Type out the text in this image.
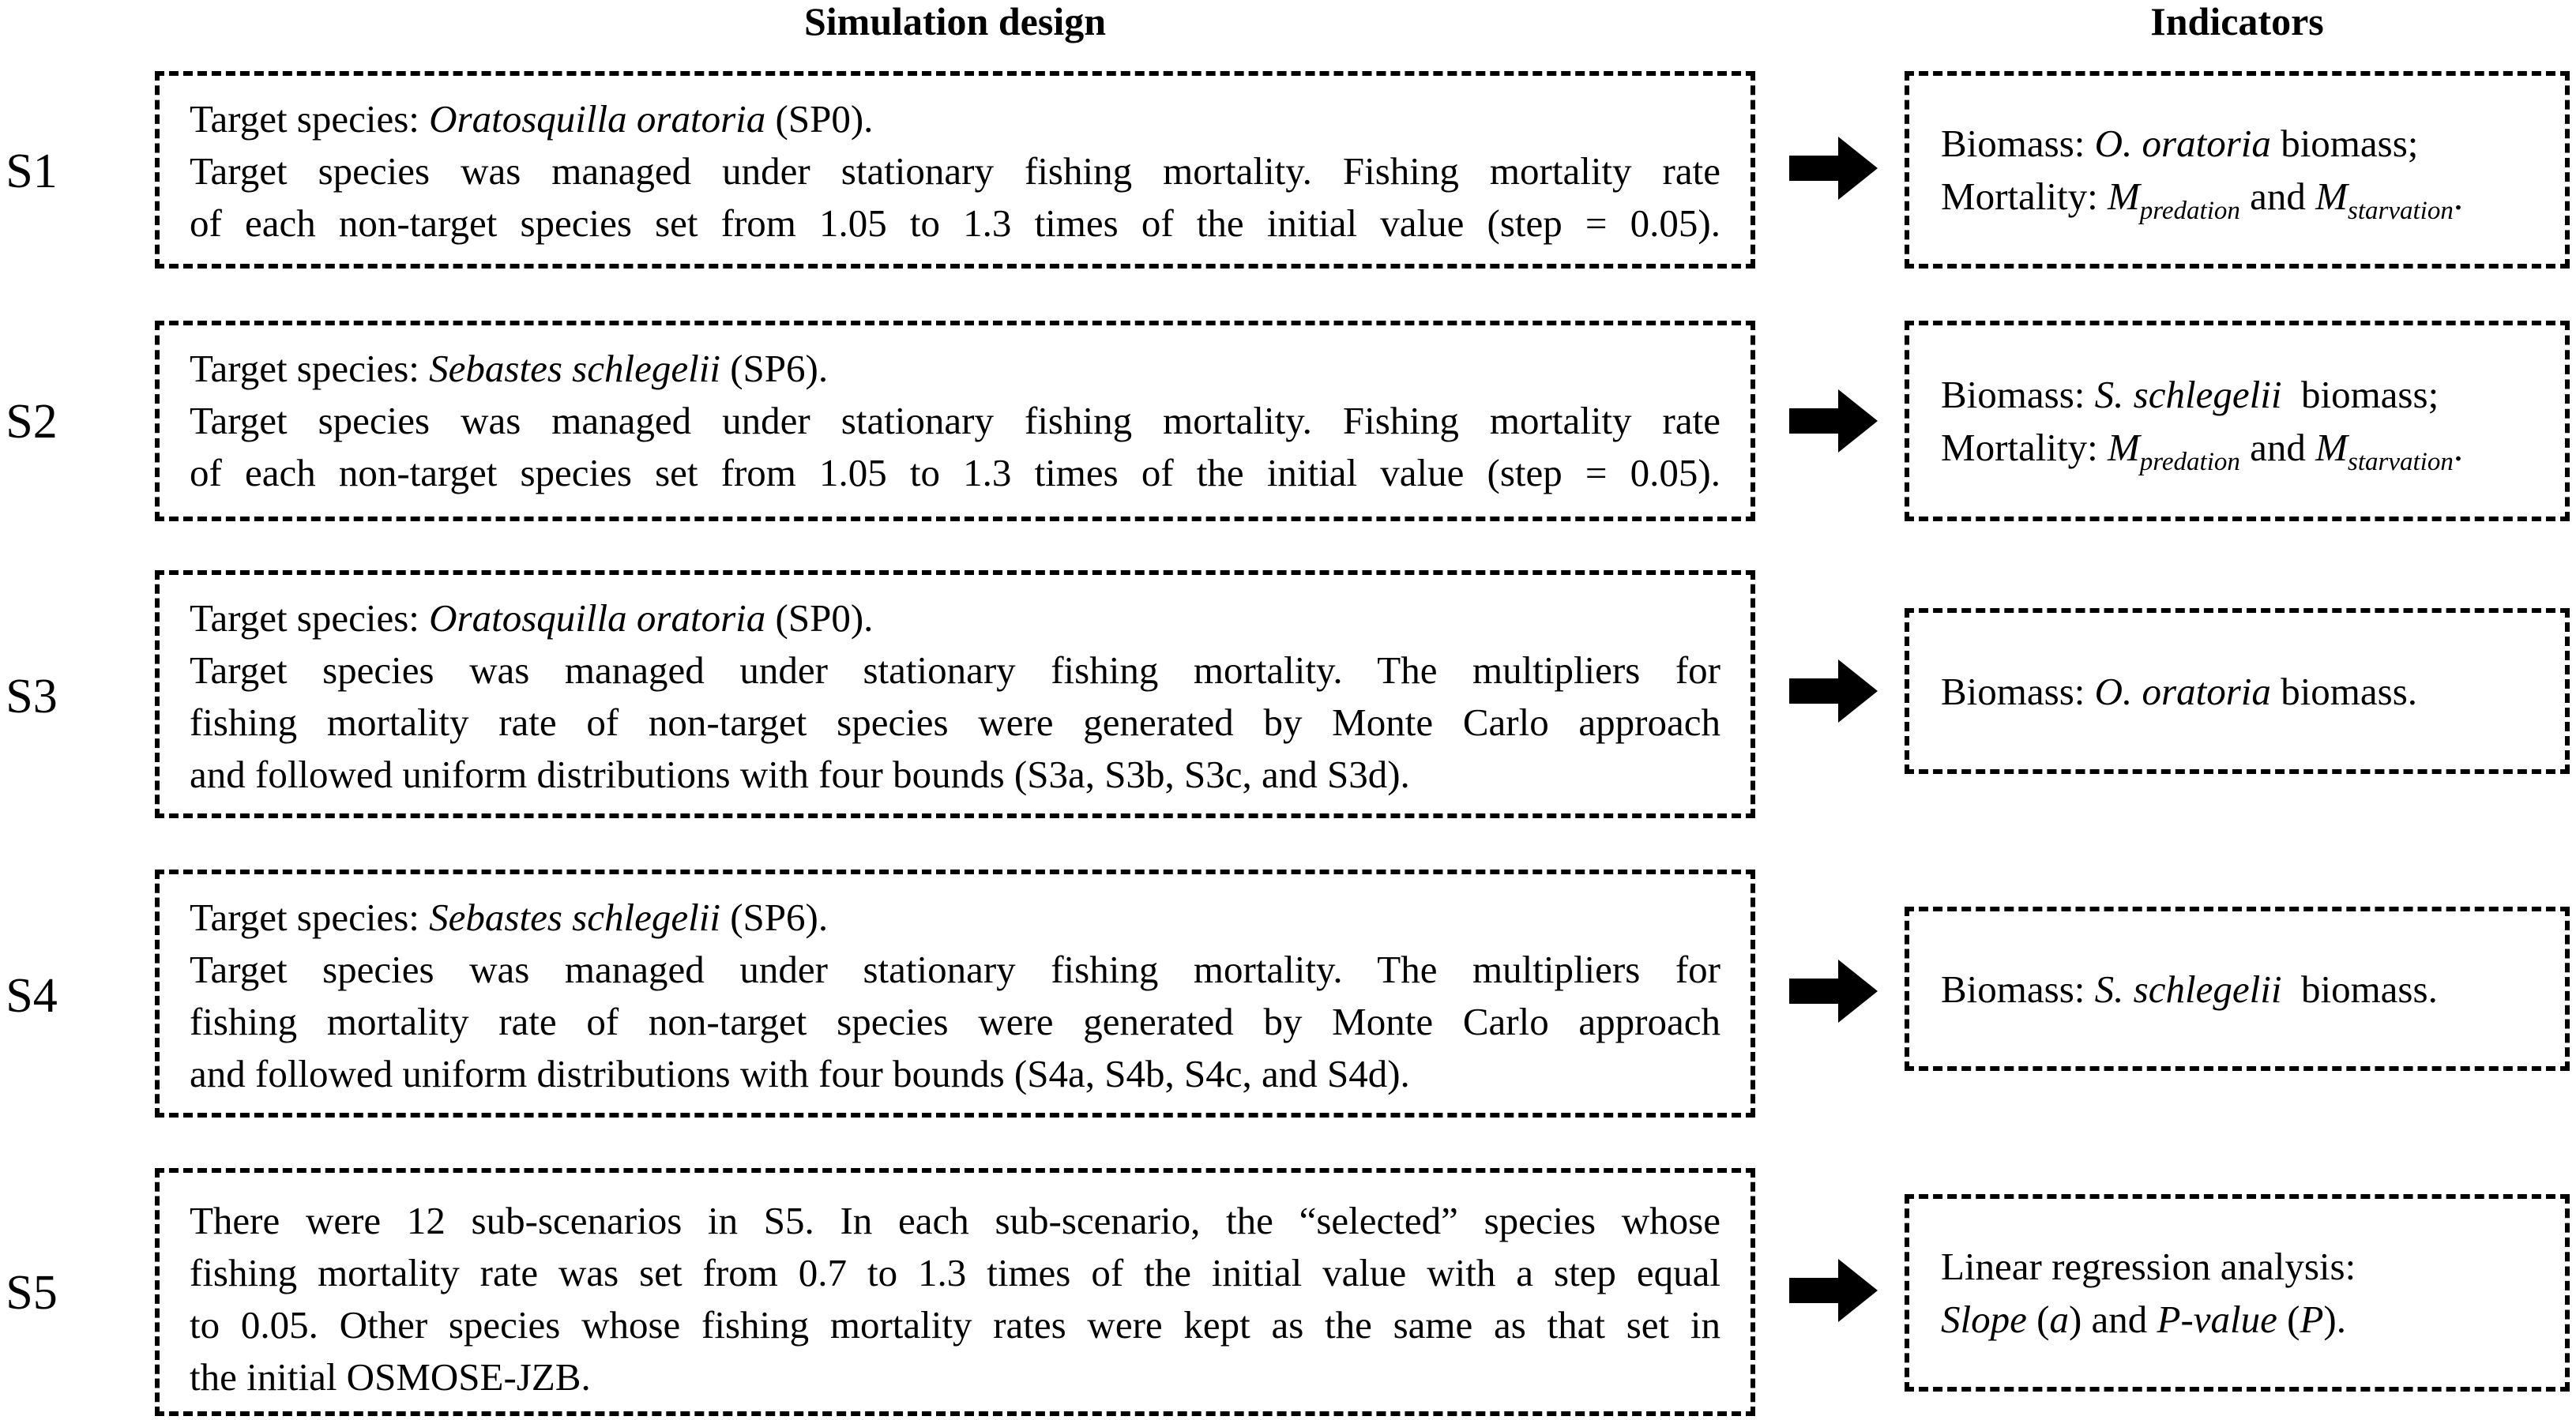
Simulation design	Indicators
S1
Target species: Oratosquilla oratoria (SP0).
Target species was managed under stationary fishing mortality. Fishing mortality rate
of each non-target species set from 1.05 to 1.3 times of the initial value (step = 0.05).
Biomass: O. oratoria biomass;
Mortality: $M_{predation}$ and $M_{starvation}$.
S2
Target species: Sebastes schlegelii (SP6).
Target species was managed under stationary fishing mortality. Fishing mortality rate
of each non-target species set from 1.05 to 1.3 times of the initial value (step = 0.05).
Biomass: S. schlegelii  biomass;
Mortality: $M_{predation}$ and $M_{starvation}$.
S3
Target species: Oratosquilla oratoria (SP0).
Target species was managed under stationary fishing mortality. The multipliers for
fishing mortality rate of non-target species were generated by Monte Carlo approach
and followed uniform distributions with four bounds (S3a, S3b, S3c, and S3d).
Biomass: O. oratoria biomass.
S4
Target species: Sebastes schlegelii (SP6).
Target species was managed under stationary fishing mortality. The multipliers for
fishing mortality rate of non-target species were generated by Monte Carlo approach
and followed uniform distributions with four bounds (S4a, S4b, S4c, and S4d).
Biomass: S. schlegelii  biomass.
S5
There were 12 sub-scenarios in S5. In each sub-scenario, the “selected” species whose
fishing mortality rate was set from 0.7 to 1.3 times of the initial value with a step equal
to 0.05. Other species whose fishing mortality rates were kept as the same as that set in
the initial OSMOSE-JZB.
Linear regression analysis:
Slope (a) and P-value (P).
